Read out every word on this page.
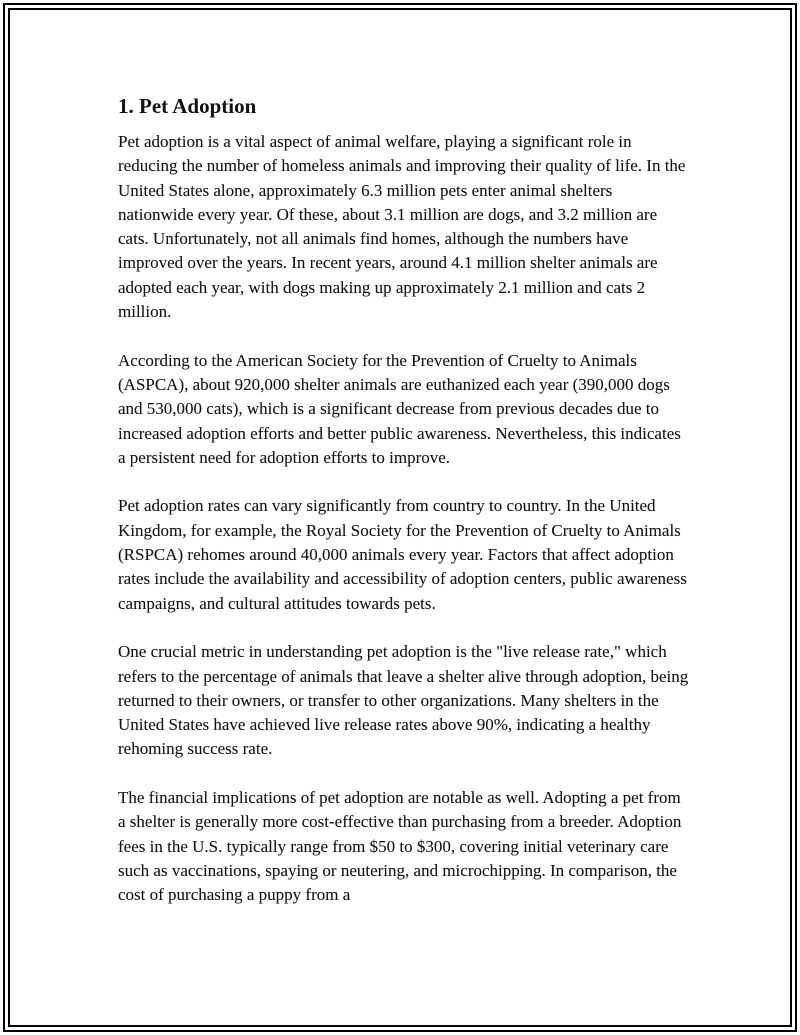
1. Pet Adoption

Pet adoption is a vital aspect of animal welfare, playing a significant role in reducing the number of homeless animals and improving their quality of life. In the United States alone, approximately 6.3 million pets enter animal shelters nationwide every year. Of these, about 3.1 million are dogs, and 3.2 million are cats. Unfortunately, not all animals find homes, although the numbers have improved over the years. In recent years, around 4.1 million shelter animals are adopted each year, with dogs making up approximately 2.1 million and cats 2 million.

According to the American Society for the Prevention of Cruelty to Animals (ASPCA), about 920,000 shelter animals are euthanized each year (390,000 dogs and 530,000 cats), which is a significant decrease from previous decades due to increased adoption efforts and better public awareness. Nevertheless, this indicates a persistent need for adoption efforts to improve.

Pet adoption rates can vary significantly from country to country. In the United Kingdom, for example, the Royal Society for the Prevention of Cruelty to Animals (RSPCA) rehomes around 40,000 animals every year. Factors that affect adoption rates include the availability and accessibility of adoption centers, public awareness campaigns, and cultural attitudes towards pets.

One crucial metric in understanding pet adoption is the "live release rate," which refers to the percentage of animals that leave a shelter alive through adoption, being returned to their owners, or transfer to other organizations. Many shelters in the United States have achieved live release rates above 90%, indicating a healthy rehoming success rate.

The financial implications of pet adoption are notable as well. Adopting a pet from a shelter is generally more cost-effective than purchasing from a breeder. Adoption fees in the U.S. typically range from $50 to $300, covering initial veterinary care such as vaccinations, spaying or neutering, and microchipping. In comparison, the cost of purchasing a puppy from a
